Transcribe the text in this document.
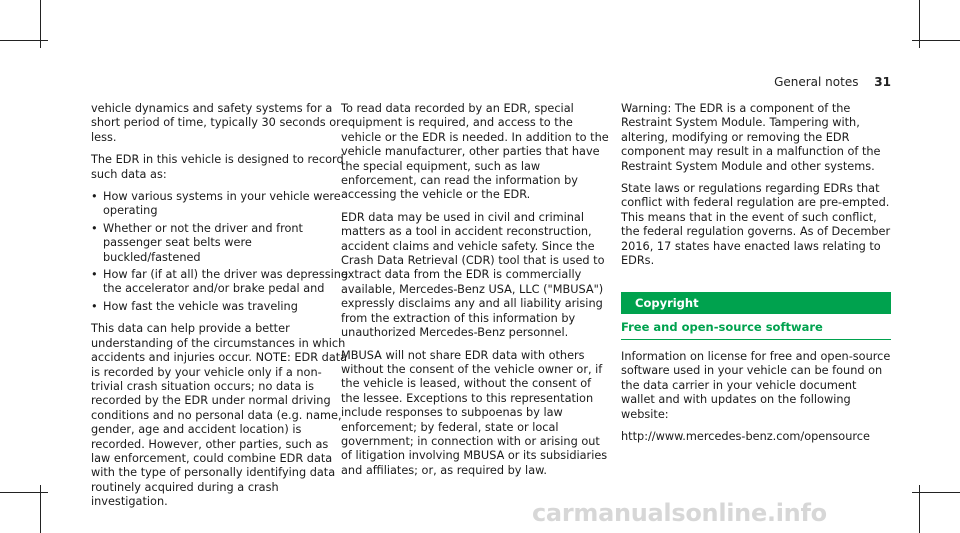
General notes 31

vehicle dynamics and safety systems for a short period of time, typically 30 seconds or less.

The EDR in this vehicle is designed to record such data as:

• How various systems in your vehicle were operating
• Whether or not the driver and front passenger seat belts were buckled/fastened
• How far (if at all) the driver was depressing the accelerator and/or brake pedal and
• How fast the vehicle was traveling

This data can help provide a better understanding of the circumstances in which accidents and injuries occur. NOTE: EDR data is recorded by your vehicle only if a non-trivial crash situation occurs; no data is recorded by the EDR under normal driving conditions and no personal data (e.g. name, gender, age and accident location) is recorded. However, other parties, such as law enforcement, could combine EDR data with the type of personally identifying data routinely acquired during a crash investigation.

To read data recorded by an EDR, special equipment is required, and access to the vehicle or the EDR is needed. In addition to the vehicle manufacturer, other parties that have the special equipment, such as law enforcement, can read the information by accessing the vehicle or the EDR.

EDR data may be used in civil and criminal matters as a tool in accident reconstruction, accident claims and vehicle safety. Since the Crash Data Retrieval (CDR) tool that is used to extract data from the EDR is commercially available, Mercedes-Benz USA, LLC ("MBUSA") expressly disclaims any and all liability arising from the extraction of this information by unauthorized Mercedes-Benz personnel.

MBUSA will not share EDR data with others without the consent of the vehicle owner or, if the vehicle is leased, without the consent of the lessee. Exceptions to this representation include responses to subpoenas by law enforcement; by federal, state or local government; in connection with or arising out of litigation involving MBUSA or its subsidiaries and affiliates; or, as required by law.

Warning: The EDR is a component of the Restraint System Module. Tampering with, altering, modifying or removing the EDR component may result in a malfunction of the Restraint System Module and other systems.

State laws or regulations regarding EDRs that conflict with federal regulation are pre-empted. This means that in the event of such conflict, the federal regulation governs. As of December 2016, 17 states have enacted laws relating to EDRs.

Copyright
Free and open-source software

Information on license for free and open-source software used in your vehicle can be found on the data carrier in your vehicle document wallet and with updates on the following website:

http://www.mercedes-benz.com/opensource

carmanualsonline.info
